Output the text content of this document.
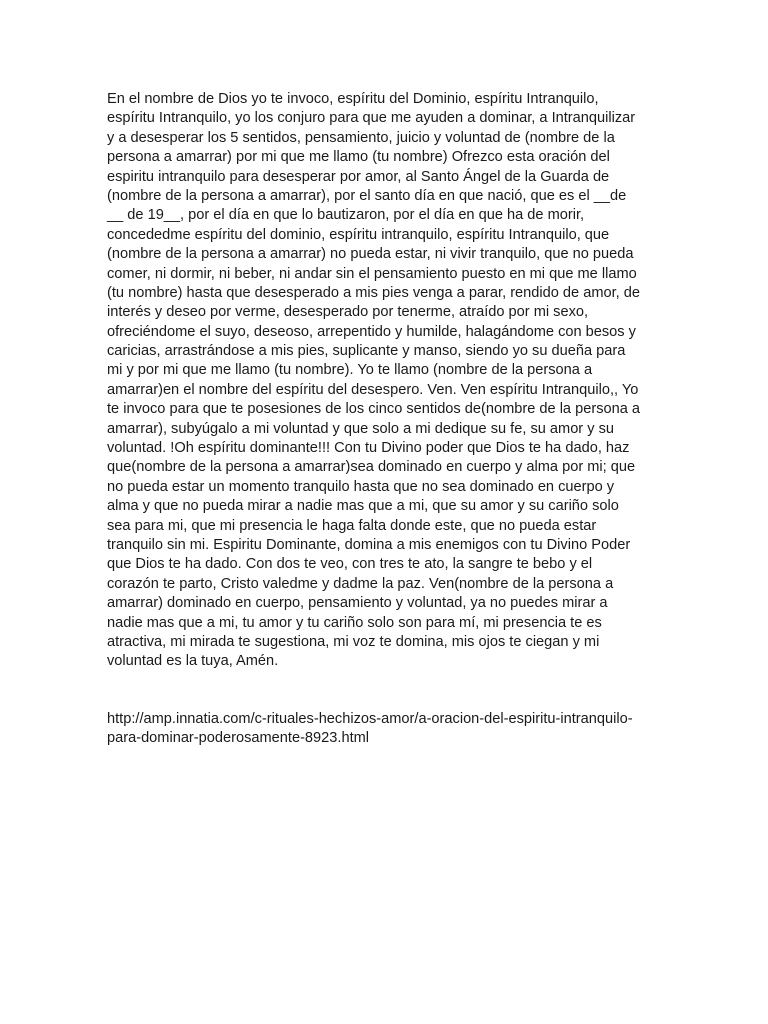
En el nombre de Dios yo te invoco, espíritu del Dominio, espíritu Intranquilo,
espíritu Intranquilo, yo los conjuro para que me ayuden a dominar, a Intranquilizar
y a desesperar los 5 sentidos, pensamiento, juicio y voluntad de (nombre de la
persona a amarrar) por mi que me llamo (tu nombre) Ofrezco esta oración del
espiritu intranquilo para desesperar por amor, al Santo Ángel de la Guarda de
(nombre de la persona a amarrar), por el santo día en que nació, que es el __de
__ de 19__, por el día en que lo bautizaron, por el día en que ha de morir,
concededme espíritu del dominio, espíritu intranquilo, espíritu Intranquilo, que
(nombre de la persona a amarrar) no pueda estar, ni vivir tranquilo, que no pueda
comer, ni dormir, ni beber, ni andar sin el pensamiento puesto en mi que me llamo
(tu nombre) hasta que desesperado a mis pies venga a parar, rendido de amor, de
interés y deseo por verme, desesperado por tenerme, atraído por mi sexo,
ofreciéndome el suyo, deseoso, arrepentido y humilde, halagándome con besos y
caricias, arrastrándose a mis pies, suplicante y manso, siendo yo su dueña para
mi y por mi que me llamo (tu nombre). Yo te llamo (nombre de la persona a
amarrar)en el nombre del espíritu del desespero. Ven. Ven espíritu Intranquilo,, Yo
te invoco para que te posesiones de los cinco sentidos de(nombre de la persona a
amarrar), subyúgalo a mi voluntad y que solo a mi dedique su fe, su amor y su
voluntad. !Oh espíritu dominante!!! Con tu Divino poder que Dios te ha dado, haz
que(nombre de la persona a amarrar)sea dominado en cuerpo y alma por mi; que
no pueda estar un momento tranquilo hasta que no sea dominado en cuerpo y
alma y que no pueda mirar a nadie mas que a mi, que su amor y su cariño solo
sea para mi, que mi presencia le haga falta donde este, que no pueda estar
tranquilo sin mi. Espiritu Dominante, domina a mis enemigos con tu Divino Poder
que Dios te ha dado. Con dos te veo, con tres te ato, la sangre te bebo y el
corazón te parto, Cristo valedme y dadme la paz. Ven(nombre de la persona a
amarrar) dominado en cuerpo, pensamiento y voluntad, ya no puedes mirar a
nadie mas que a mi, tu amor y tu cariño solo son para mí, mi presencia te es
atractiva, mi mirada te sugestiona, mi voz te domina, mis ojos te ciegan y mi
voluntad es la tuya, Amén.
http://amp.innatia.com/c-rituales-hechizos-amor/a-oracion-del-espiritu-intranquilo-
para-dominar-poderosamente-8923.html
